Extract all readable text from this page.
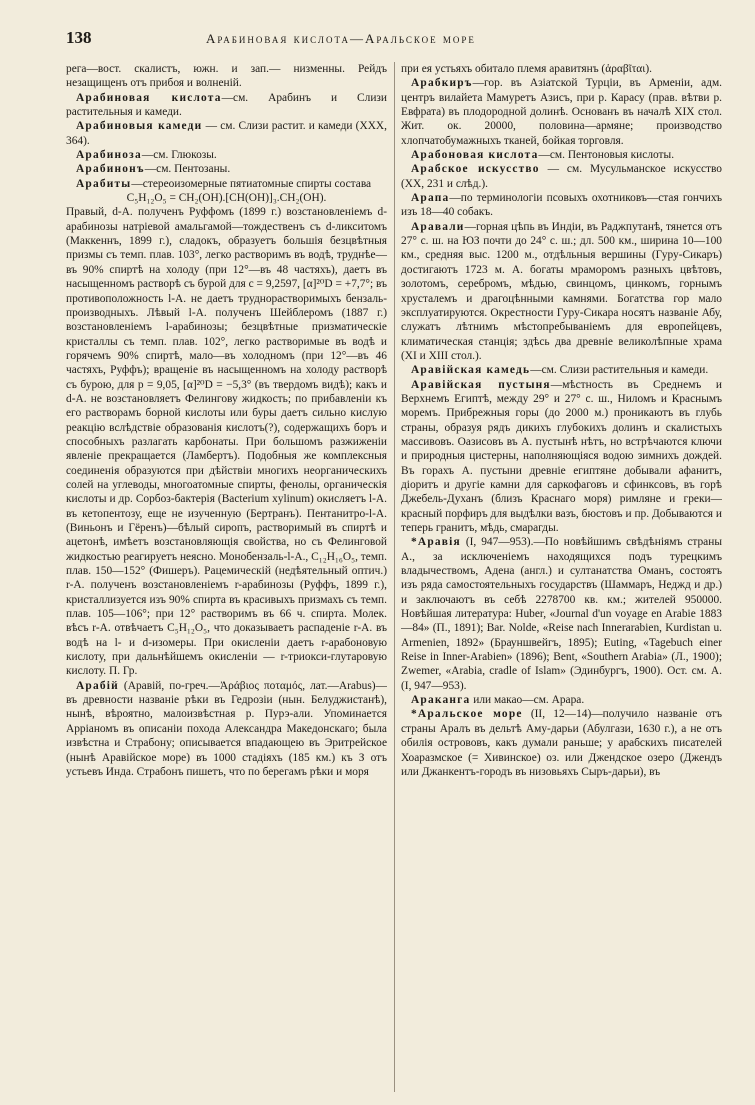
138	Арабиновая кислота—Аральское море

рега—вост. скалистъ, южн. и зап.— низменны. Рейдъ незащищенъ отъ прибоя и волненій.

Арабиновая кислота—см. Арабинъ и Слизи растительныя и камеди.

Арабиновыя камеди — см. Слизи растит. и камеди (XXX, 364).

Арабиноза—см. Глюкозы.

Арабинонъ—см. Пентозаны.

Арабиты—стереоизомерные пятиатомные спирты состава

C₅H₁₂O₅ = CH₂(OH).[CH(OH)]₃.CH₂(OH).

Правый, d-А. полученъ Руффомъ (1899 г.) возстановленіемъ d-арабинозы натріевой амальгамой—тождественъ съ d-ликситомъ (Маккеннъ, 1899 г.), сладокъ, образуетъ большія безцвѣтныя призмы съ темп. плав. 103°, легко растворимъ въ водѣ, труднѣе—въ 90% спиртѣ на холоду (при 12°—въ 48 частяхъ), даетъ въ насыщенномъ растворѣ съ бурой для c = 9,2597, [α]²⁰D = +7,7°; въ противоположность l-А. не даетъ труднорастворимыхъ бензаль-производныхъ. Лѣвый l-А. полученъ Шейблеромъ (1887 г.) возстановленіемъ l-арабинозы; безцвѣтные призматическіе кристаллы съ темп. плав. 102°, легко растворимые въ водѣ и горячемъ 90% спиртѣ, мало—въ холодномъ (при 12°—въ 46 частяхъ, Руффъ); вращеніе въ насыщенномъ на холоду растворѣ съ бурою, для p = 9,05, [α]²⁰D = −5,3° (въ твердомъ видѣ); какъ и d-А. не возстановляетъ Фелингову жидкость; по прибавленіи къ его растворамъ борной кислоты или буры даетъ сильно кислую реакцію вслѣдствіе образованія кислотъ(?), содержащихъ боръ и способныхъ разлагать карбонаты. При большомъ разжиженіи явленіе прекращается (Ламбертъ). Подобныя же комплексныя соединенія образуются при дѣйствіи многихъ неорганическихъ солей на углеводы, многоатомные спирты, фенолы, органическія кислоты и др. Сорбоз-бактерія (Bacterium xylinum) окисляетъ l-А. въ кетопентозу, еще не изученную (Бертранъ). Пентанитро-l-А. (Виньонъ и Гёренъ)—бѣлый сиропъ, растворимый въ спиртѣ и ацетонѣ, имѣетъ возстановляющія свойства, но съ Фелинговой жидкостью реагируетъ неясно. Монобензаль-l-А., C₁₂H₁₆O₅, темп. плав. 150—152° (Фишеръ). Рацемическій (недѣятельный оптич.) r-А. полученъ возстановленіемъ r-арабинозы (Руффъ, 1899 г.), кристаллизуется изъ 90% спирта въ красивыхъ призмахъ съ темп. плав. 105—106°; при 12° растворимъ въ 66 ч. спирта. Молек. вѣсъ r-А. отвѣчаетъ C₅H₁₂O₅, что доказываетъ распаденіе r-А. въ водѣ на l- и d-изомеры. При окисленіи даетъ r-арабоновую кислоту, при дальнѣйшемъ окисленіи — r-триокси-глутаровую кислоту. П. Гр.

Арабій (Аравій, по-греч.—Ἀράβιος ποταμός, лат.—Arabus)—въ древности названіе рѣки въ Гедрозіи (нын. Белуджистанѣ), нынѣ, вѣроятно, малоизвѣстная р. Пурэ-али. Упоминается Арріаномъ въ описаніи похода Александра Македонскаго; была извѣстна и Страбону; описывается впадающею въ Эритрейское (нынѣ Аравійское море) въ 1000 стадіяхъ (185 км.) къ З отъ устьевъ Инда. Страбонъ пишетъ, что по берегамъ рѣки и моря

при ея устьяхъ обитало племя аравитянъ (ἀραβῖται).

Арабкиръ—гор. въ Азіатской Турціи, въ Арменіи, адм. центръ вилайета Мамуретъ Азисъ, при р. Карасу (прав. вѣтви р. Евфрата) въ плодородной долинѣ. Основанъ въ началѣ XIX стол. Жит. ок. 20000, половина—армяне; производство хлопчатобумажныхъ тканей, бойкая торговля.

Арабоновая кислота—см. Пентоновыя кислоты.

Арабское искусство — см. Мусульманское искусство (XX, 231 и слѣд.).

Арапа—по терминологіи псовыхъ охотниковъ—стая гончихъ изъ 18—40 собакъ.

Аравали—горная цѣпь въ Индіи, въ Раджпутанѣ, тянется отъ 27° с. ш. на ЮЗ почти до 24° с. ш.; дл. 500 км., ширина 10—100 км., средняя выс. 1200 м., отдѣльныя вершины (Гуру-Сикаръ) достигаютъ 1723 м. А. богаты мраморомъ разныхъ цвѣтовъ, золотомъ, серебромъ, мѣдью, свинцомъ, цинкомъ, горнымъ хрусталемъ и драгоцѣнными камнями. Богатства гор мало эксплуатируются. Окрестности Гуру-Сикара носятъ названіе Абу, служатъ лѣтнимъ мѣстопребываніемъ для европейцевъ, климатическая станція; здѣсь два древніе великолѣпные храма (XI и XIII стол.).

Аравійская камедь—см. Слизи растительныя и камеди.

Аравійская пустыня—мѣстность въ Среднемъ и Верхнемъ Египтѣ, между 29° и 27° с. ш., Ниломъ и Краснымъ моремъ. Прибрежныя горы (до 2000 м.) проникаютъ въ глубь страны, образуя рядъ дикихъ глубокихъ долинъ и скалистыхъ массивовъ. Оазисовъ въ А. пустынѣ нѣтъ, но встрѣчаются ключи и природныя цистерны, наполняющіяся водою зимнихъ дождей. Въ горахъ А. пустыни древніе египтяне добывали афанитъ, діоритъ и другіе камни для саркофаговъ и сфинксовъ, въ горѣ Джебель-Духанъ (близъ Краснаго моря) римляне и греки—красный порфиръ для выдѣлки вазъ, бюстовъ и пр. Добываются и теперь гранитъ, мѣдь, смарагды.

*Аравія (I, 947—953).—По новѣйшимъ свѣдѣніямъ страны А., за исключеніемъ находящихся подъ турецкимъ владычествомъ, Адена (англ.) и султанатства Оманъ, состоятъ изъ ряда самостоятельныхъ государствъ (Шаммаръ, Неджд и др.) и заключаютъ въ себѣ 2278700 кв. км.; жителей 950000. Новѣйшая литература: Huber, «Journal d'un voyage en Arabie 1883—84» (П., 1891); Bar. Nolde, «Reise nach Innerarabien, Kurdistan u. Armenien, 1892» (Брауншвейгъ, 1895); Euting, «Tagebuch einer Reise in Inner-Arabien» (1896); Bent, «Southern Arabia» (Л., 1900); Zwemer, «Arabia, cradle of Islam» (Эдинбургъ, 1900). Ост. см. А. (I, 947—953).

Араканга или макао—см. Арара.

*Аральское море (II, 12—14)—получило названіе отъ страны Аралъ въ дельтѣ Аму-дарьи (Абулгази, 1630 г.), а не отъ обилія острововъ, какъ думали раньше; у арабскихъ писателей Хоаразмское (= Хивинское) оз. или Джендское озеро (Джендъ или Джанкентъ-городъ въ низовьяхъ Сыръ-дарьи), въ
